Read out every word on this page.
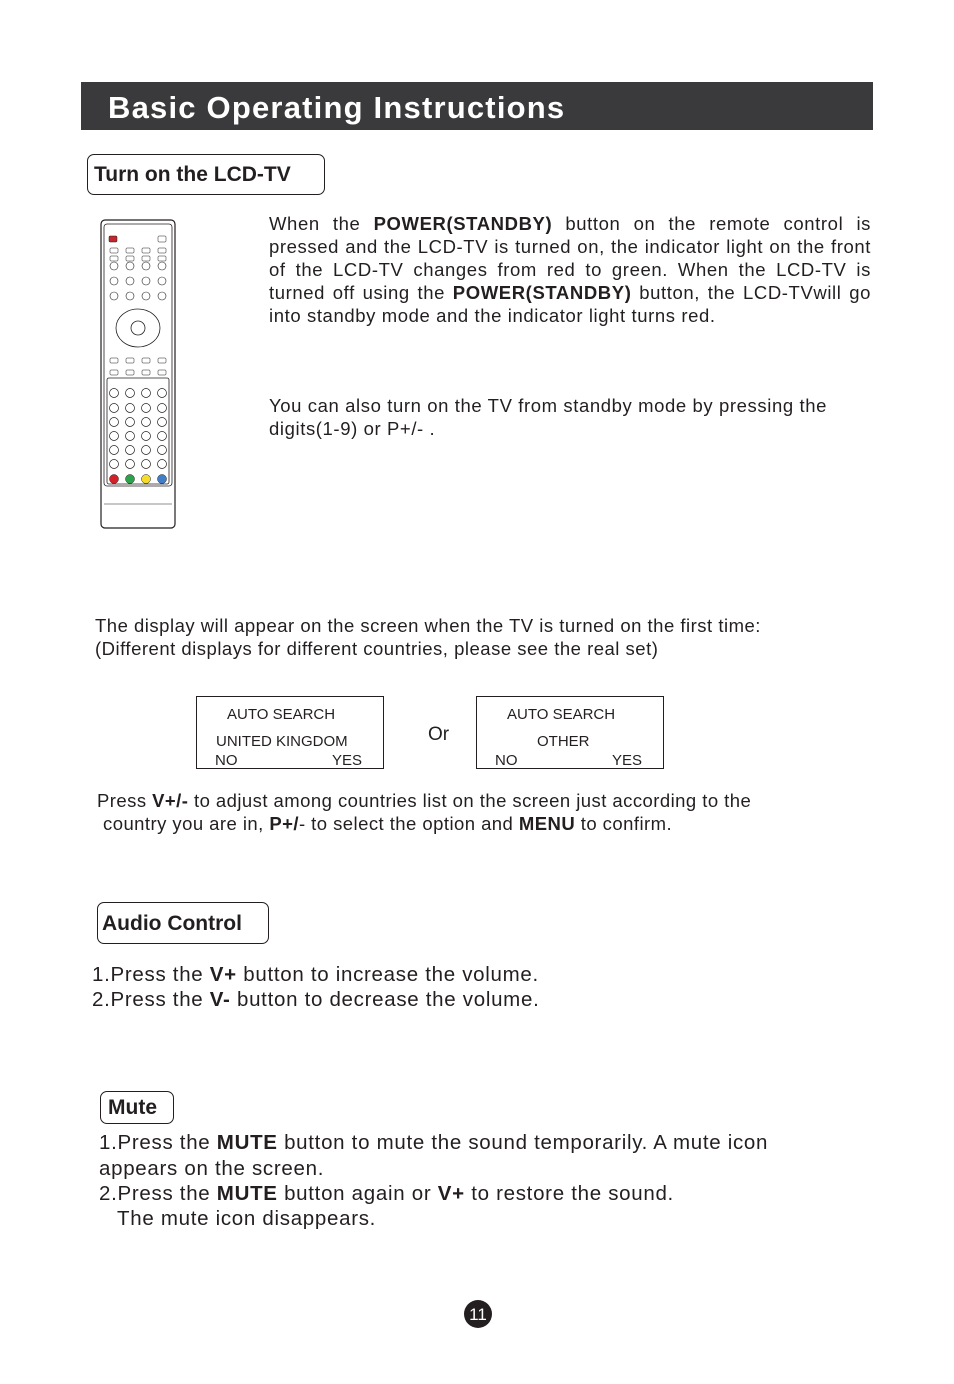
Basic Operating Instructions
Turn on the LCD-TV
When the POWER(STANDBY) button on the remote control is pressed and the LCD-TV is turned on, the indicator light on the front of the LCD-TV changes from red to green. When the LCD-TV is turned off using the POWER(STANDBY) button, the LCD-TVwill go into standby mode and the indicator light turns red.
You can also turn on the TV from standby mode by pressing the digits(1-9) or P+/- .
The display will appear on the screen when the TV is turned on the first time:
(Different displays for different countries, please see the real set)
AUTO SEARCH
UNITED KINGDOM
NO	YES
Or
AUTO SEARCH
OTHER
NO	YES
Press V+/- to adjust among countries list on the screen just according to the
country you are in, P+/- to select the option and MENU to confirm.
Audio Control
1.Press the V+ button to increase the volume.
2.Press the V- button to decrease the volume.
Mute
1.Press the MUTE button to mute the sound temporarily. A mute icon
appears on the screen.
2.Press the MUTE button again or V+ to restore the sound.
The mute icon disappears.
11
